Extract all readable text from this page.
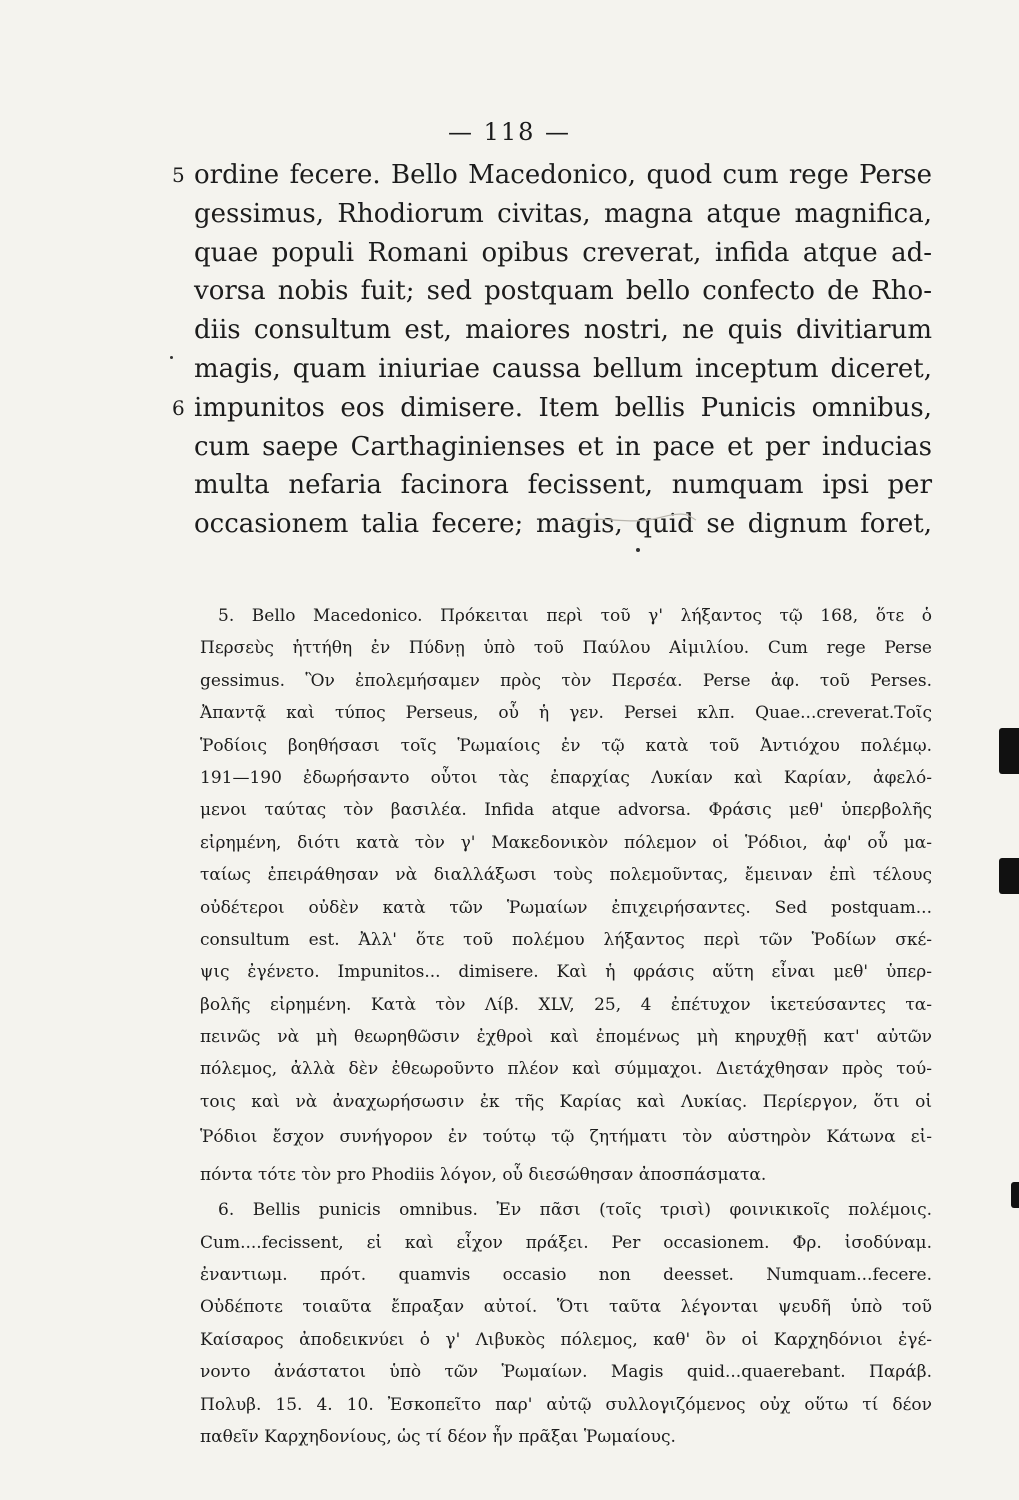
— 118 —
5 ordine fecere. Bello Macedonico, quod cum rege Perse
gessimus, Rhodiorum civitas, magna atque magnifica,
quae populi Romani opibus creverat, infida atque ad-
vorsa nobis fuit; sed postquam bello confecto de Rho-
diis consultum est, maiores nostri, ne quis divitiarum
magis, quam iniuriae caussa bellum inceptum diceret,
6 impunitos eos dimisere. Item bellis Punicis omnibus,
cum saepe Carthaginienses et in pace et per inducias
multa nefaria facinora fecissent, numquam ipsi per
occasionem talia fecere; magis, quid se dignum foret,
5. Bello Macedonico. Πρόκειται περὶ τοῦ γ' λήξαντος τῷ 168, ὅτε ὁ
Περσεὺς ἡττήθη ἐν Πύδνῃ ὑπὸ τοῦ Παύλου Αἰμιλίου. Cum rege Perse
gessimus. Ὃν ἐπολεμήσαμεν πρὸς τὸν Περσέα. Perse ἀφ. τοῦ Perses.
Ἀπαντᾷ καὶ τύπος Perseus, οὗ ἡ γεν. Persei κλπ. Quae...creverat.Τοῖς
Ῥοδίοις βοηθήσασι τοῖς Ῥωμαίοις ἐν τῷ κατὰ τοῦ Ἀντιόχου πολέμῳ.
191—190 ἐδωρήσαντο οὗτοι τὰς ἐπαρχίας Λυκίαν καὶ Καρίαν, ἀφελό-
μενοι ταύτας τὸν βασιλέα. Infida atque advorsa. Φράσις μεθ' ὑπερβολῆς
εἰρημένη, διότι κατὰ τὸν γ' Μακεδονικὸν πόλεμον οἱ Ῥόδιοι, ἀφ' οὗ μα-
ταίως ἐπειράθησαν νὰ διαλλάξωσι τοὺς πολεμοῦντας, ἔμειναν ἐπὶ τέλους
οὐδέτεροι οὐδὲν κατὰ τῶν Ῥωμαίων ἐπιχειρήσαντες. Sed postquam...
consultum est. Ἀλλ' ὅτε τοῦ πολέμου λήξαντος περὶ τῶν Ῥοδίων σκέ-
ψις ἐγένετο. Impunitos... dimisere. Καὶ ἡ φράσις αὕτη εἶναι μεθ' ὑπερ-
βολῆς εἰρημένη. Κατὰ τὸν Λίβ. XLV, 25, 4 ἐπέτυχον ἱκετεύσαντες τα-
πεινῶς νὰ μὴ θεωρηθῶσιν ἐχθροὶ καὶ ἐπομένως μὴ κηρυχθῇ κατ' αὐτῶν
πόλεμος, ἀλλὰ δὲν ἐθεωροῦντο πλέον καὶ σύμμαχοι. Διετάχθησαν πρὸς τού-
τοις καὶ νὰ ἀναχωρήσωσιν ἐκ τῆς Καρίας καὶ Λυκίας. Περίεργον, ὅτι οἱ
Ῥόδιοι ἔσχον συνήγορον ἐν τούτῳ τῷ ζητήματι τὸν αὐστηρὸν Κάτωνα εἰ-
πόντα τότε τὸν pro Phodiis λόγον, οὗ διεσώθησαν ἀποσπάσματα.
6. Bellis punicis omnibus. Ἐν πᾶσι (τοῖς τρισὶ) φοινικικοῖς πολέμοις.
Cum....fecissent, εἰ καὶ εἶχον πράξει. Per occasionem. Φρ. ἰσοδύναμ.
ἐναντιωμ. πρότ. quamvis occasio non deesset. Numquam...fecere.
Οὐδέποτε τοιαῦτα ἔπραξαν αὐτοί. Ὅτι ταῦτα λέγονται ψευδῆ ὑπὸ τοῦ
Καίσαρος ἀποδεικνύει ὁ γ' Λιβυκὸς πόλεμος, καθ' ὃν οἱ Καρχηδόνιοι ἐγέ-
νοντο ἀνάστατοι ὑπὸ τῶν Ῥωμαίων. Magis quid...quaerebant. Παράβ.
Πολυβ. 15. 4. 10. Ἐσκοπεῖτο παρ' αὐτῷ συλλογιζόμενος οὐχ οὕτω τί δέον
παθεῖν Καρχηδονίους, ὡς τί δέον ἦν πρᾶξαι Ῥωμαίους.
